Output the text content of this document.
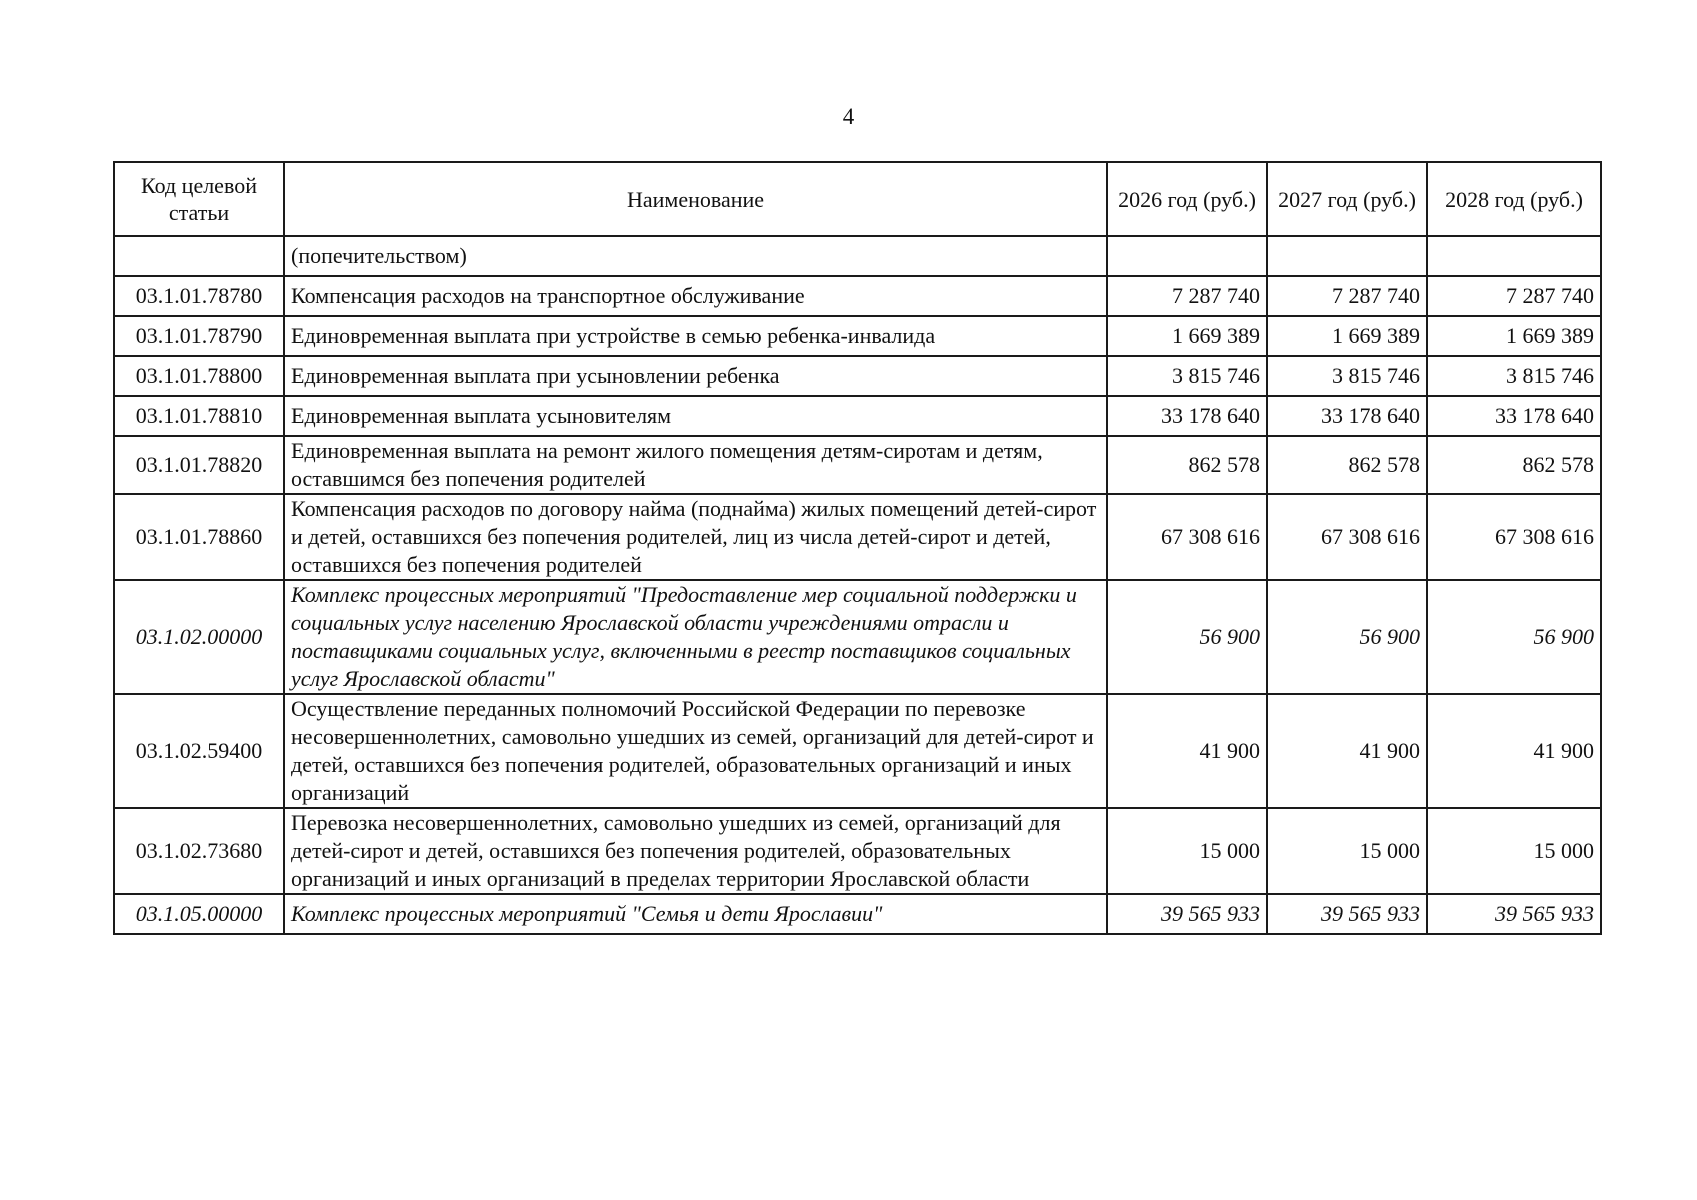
4
Код целевой статьи	Наименование	2026 год (руб.)	2027 год (руб.)	2028 год (руб.)
	(попечительством)			
03.1.01.78780	Компенсация расходов на транспортное обслуживание	7 287 740	7 287 740	7 287 740
03.1.01.78790	Единовременная выплата при устройстве в семью ребенка-инвалида	1 669 389	1 669 389	1 669 389
03.1.01.78800	Единовременная выплата при усыновлении ребенка	3 815 746	3 815 746	3 815 746
03.1.01.78810	Единовременная выплата усыновителям	33 178 640	33 178 640	33 178 640
03.1.01.78820	Единовременная выплата на ремонт жилого помещения детям-сиротам и детям, оставшимся без попечения родителей	862 578	862 578	862 578
03.1.01.78860	Компенсация расходов по договору найма (поднайма) жилых помещений детей-сирот и детей, оставшихся без попечения родителей, лиц из числа детей-сирот и детей, оставшихся без попечения родителей	67 308 616	67 308 616	67 308 616
03.1.02.00000	Комплекс процессных мероприятий "Предоставление мер социальной поддержки и социальных услуг населению Ярославской области учреждениями отрасли и поставщиками социальных услуг, включенными в реестр поставщиков социальных услуг Ярославской области"	56 900	56 900	56 900
03.1.02.59400	Осуществление переданных полномочий Российской Федерации по перевозке несовершеннолетних, самовольно ушедших из семей, организаций для детей-сирот и детей, оставшихся без попечения родителей, образовательных организаций и иных организаций	41 900	41 900	41 900
03.1.02.73680	Перевозка несовершеннолетних, самовольно ушедших из семей, организаций для детей-сирот и детей, оставшихся без попечения родителей, образовательных организаций и иных организаций в пределах территории Ярославской области	15 000	15 000	15 000
03.1.05.00000	Комплекс процессных мероприятий "Семья и дети Ярославии"	39 565 933	39 565 933	39 565 933
